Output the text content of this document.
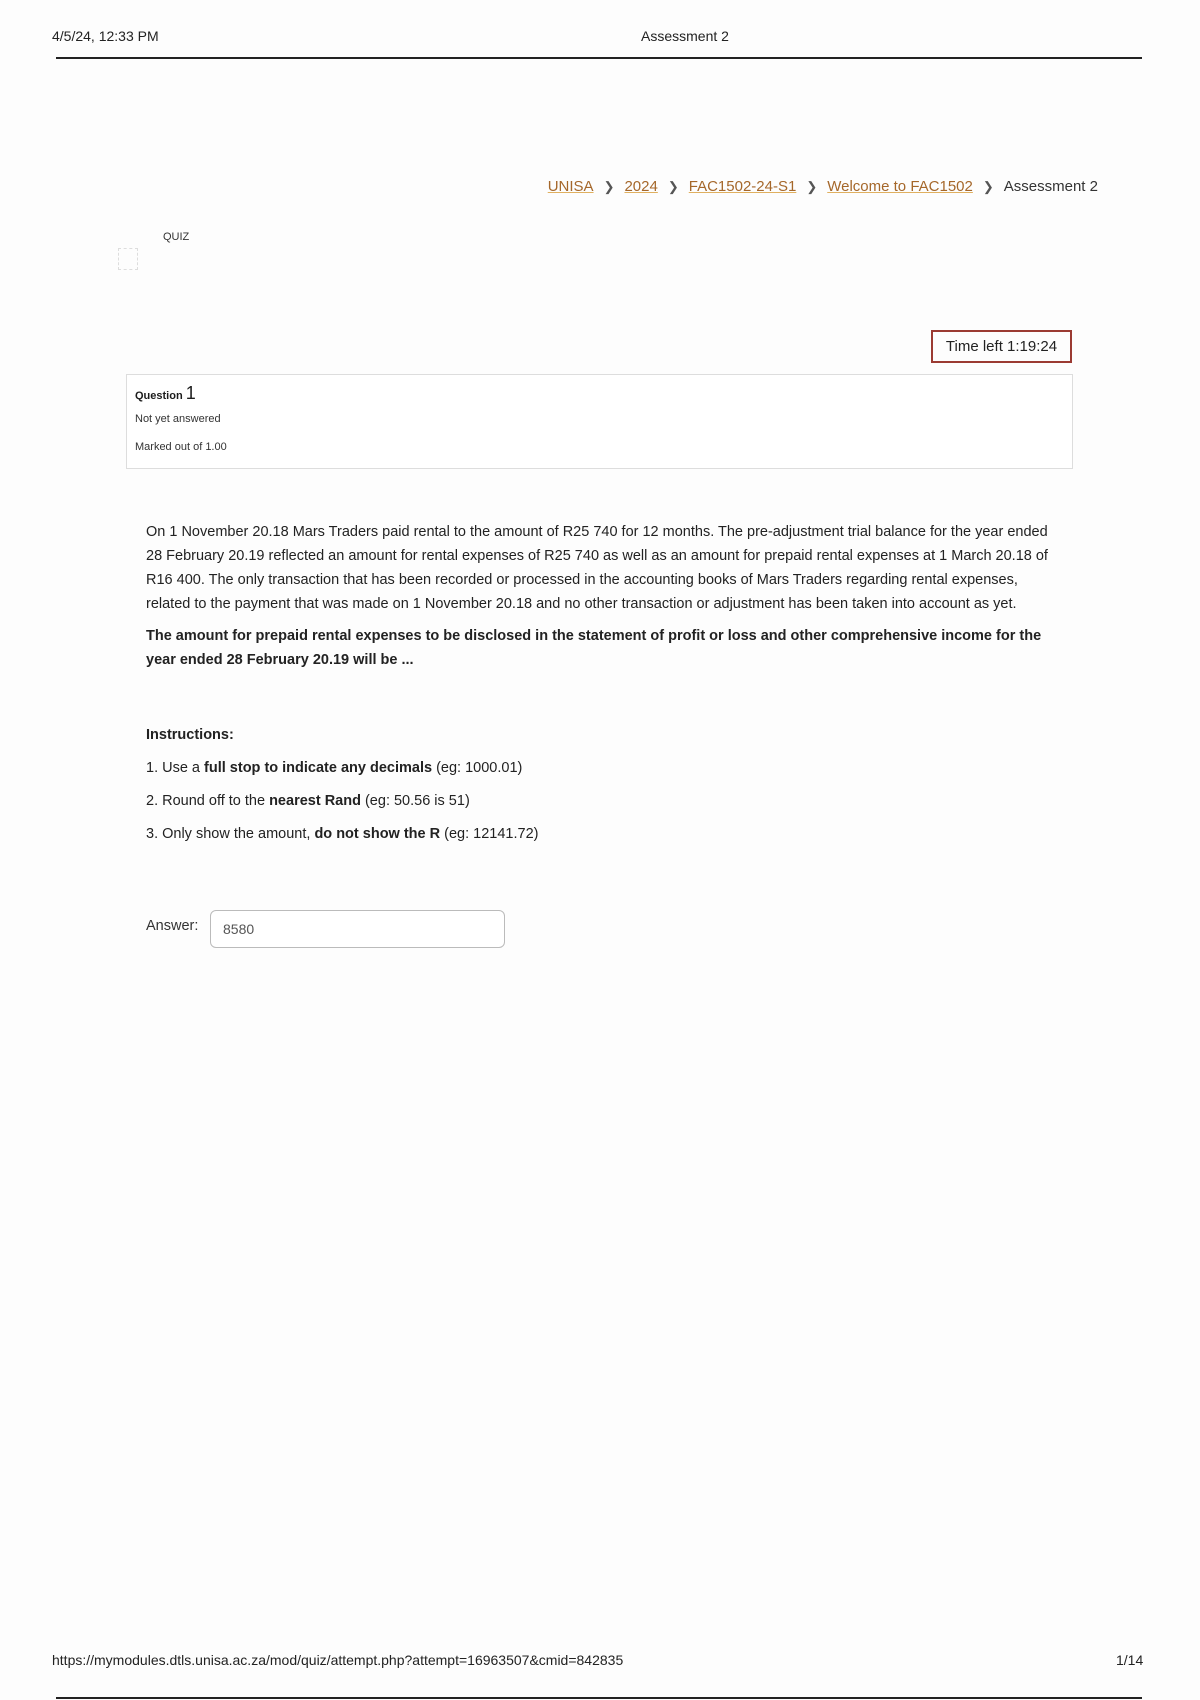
4/5/24, 12:33 PM	Assessment 2
UNISA ❯ 2024 ❯ FAC1502-24-S1 ❯ Welcome to FAC1502 ❯ Assessment 2
QUIZ
Time left 1:19:24
Question 1
Not yet answered
Marked out of 1.00

On 1 November 20.18 Mars Traders paid rental to the amount of R25 740 for 12 months. The pre-adjustment trial balance for the year ended 28 February 20.19 reflected an amount for rental expenses of R25 740 as well as an amount for prepaid rental expenses at 1 March 20.18 of R16 400. The only transaction that has been recorded or processed in the accounting books of Mars Traders regarding rental expenses, related to the payment that was made on 1 November 20.18 and no other transaction or adjustment has been taken into account as yet.

The amount for prepaid rental expenses to be disclosed in the statement of profit or loss and other comprehensive income for the year ended 28 February 20.19 will be ...

Instructions:
1. Use a full stop to indicate any decimals (eg: 1000.01)
2. Round off to the nearest Rand (eg: 50.56 is 51)
3. Only show the amount, do not show the R (eg: 12141.72)
Answer:
8580
https://mymodules.dtls.unisa.ac.za/mod/quiz/attempt.php?attempt=16963507&cmid=842835	1/14
